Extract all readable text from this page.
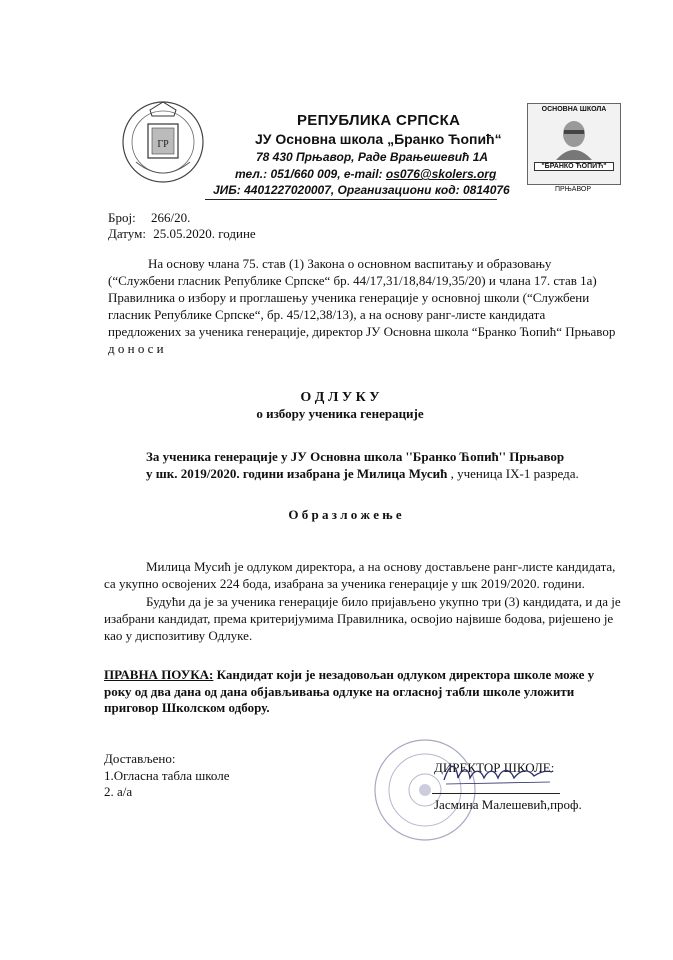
ГР
ОСНОВНА ШКОЛА
"БРАНКО ЋОПИЋ"
ПРЊАВОР
РЕПУБЛИКА СРПСКА
ЈУ Основна школа „Бранко Ћопић“
78 430 Прњавор, Раде Врањешевић 1А
тел.: 051/660 009, e-mail: os076@skolers.org
ЈИБ: 4401227020007, Организациони код: 0814076
Број: 266/20.
Датум: 25.05.2020. године
На основу члана 75. став (1) Закона о основном васпитању и образовању
(“Службени гласник Републике Српске“ бр. 44/17,31/18,84/19,35/20) и члана 17. став 1а)
Правилника о избору и проглашењу ученика генерације у основној школи (“Службени
гласник Републике Српске“, бр. 45/12,38/13), а на основу ранг-листе кандидата
предложених за ученика генерације, директор ЈУ Основна школа “Бранко Ћопић“ Прњавор
д о н о с и
О Д Л У К У
о избору ученика генерације
За ученика генерације у ЈУ Основна школа ''Бранко Ћопић'' Прњавор
у шк. 2019/2020. години изабрана је Милица Мусић , ученица IX-1 разреда.
О б р а з л о ж е њ е
Милица Мусић је одлуком директора, а на основу достављене ранг-листе кандидата,
са укупно освојених 224 бода, изабрана за ученика генерације у шк 2019/2020. години.
Будући да је за ученика генерације било пријављено укупно три (3) кандидата, и да је
изабрани кандидат, према критеријумима Правилника, освојио највише бодова, ријешено је
као у диспозитиву Одлуке.
ПРАВНА ПОУКА: Кандидат који је незадовољан одлуком директора школе може у
року од два дана од дана објављивања одлуке на огласној табли школе уложити
приговор Школском одбору.
ДИРЕКТОР ШКОЛЕ:
Јасмина Малешевић,проф.
Достављено:
1.Огласна табла школе
2. а/а
